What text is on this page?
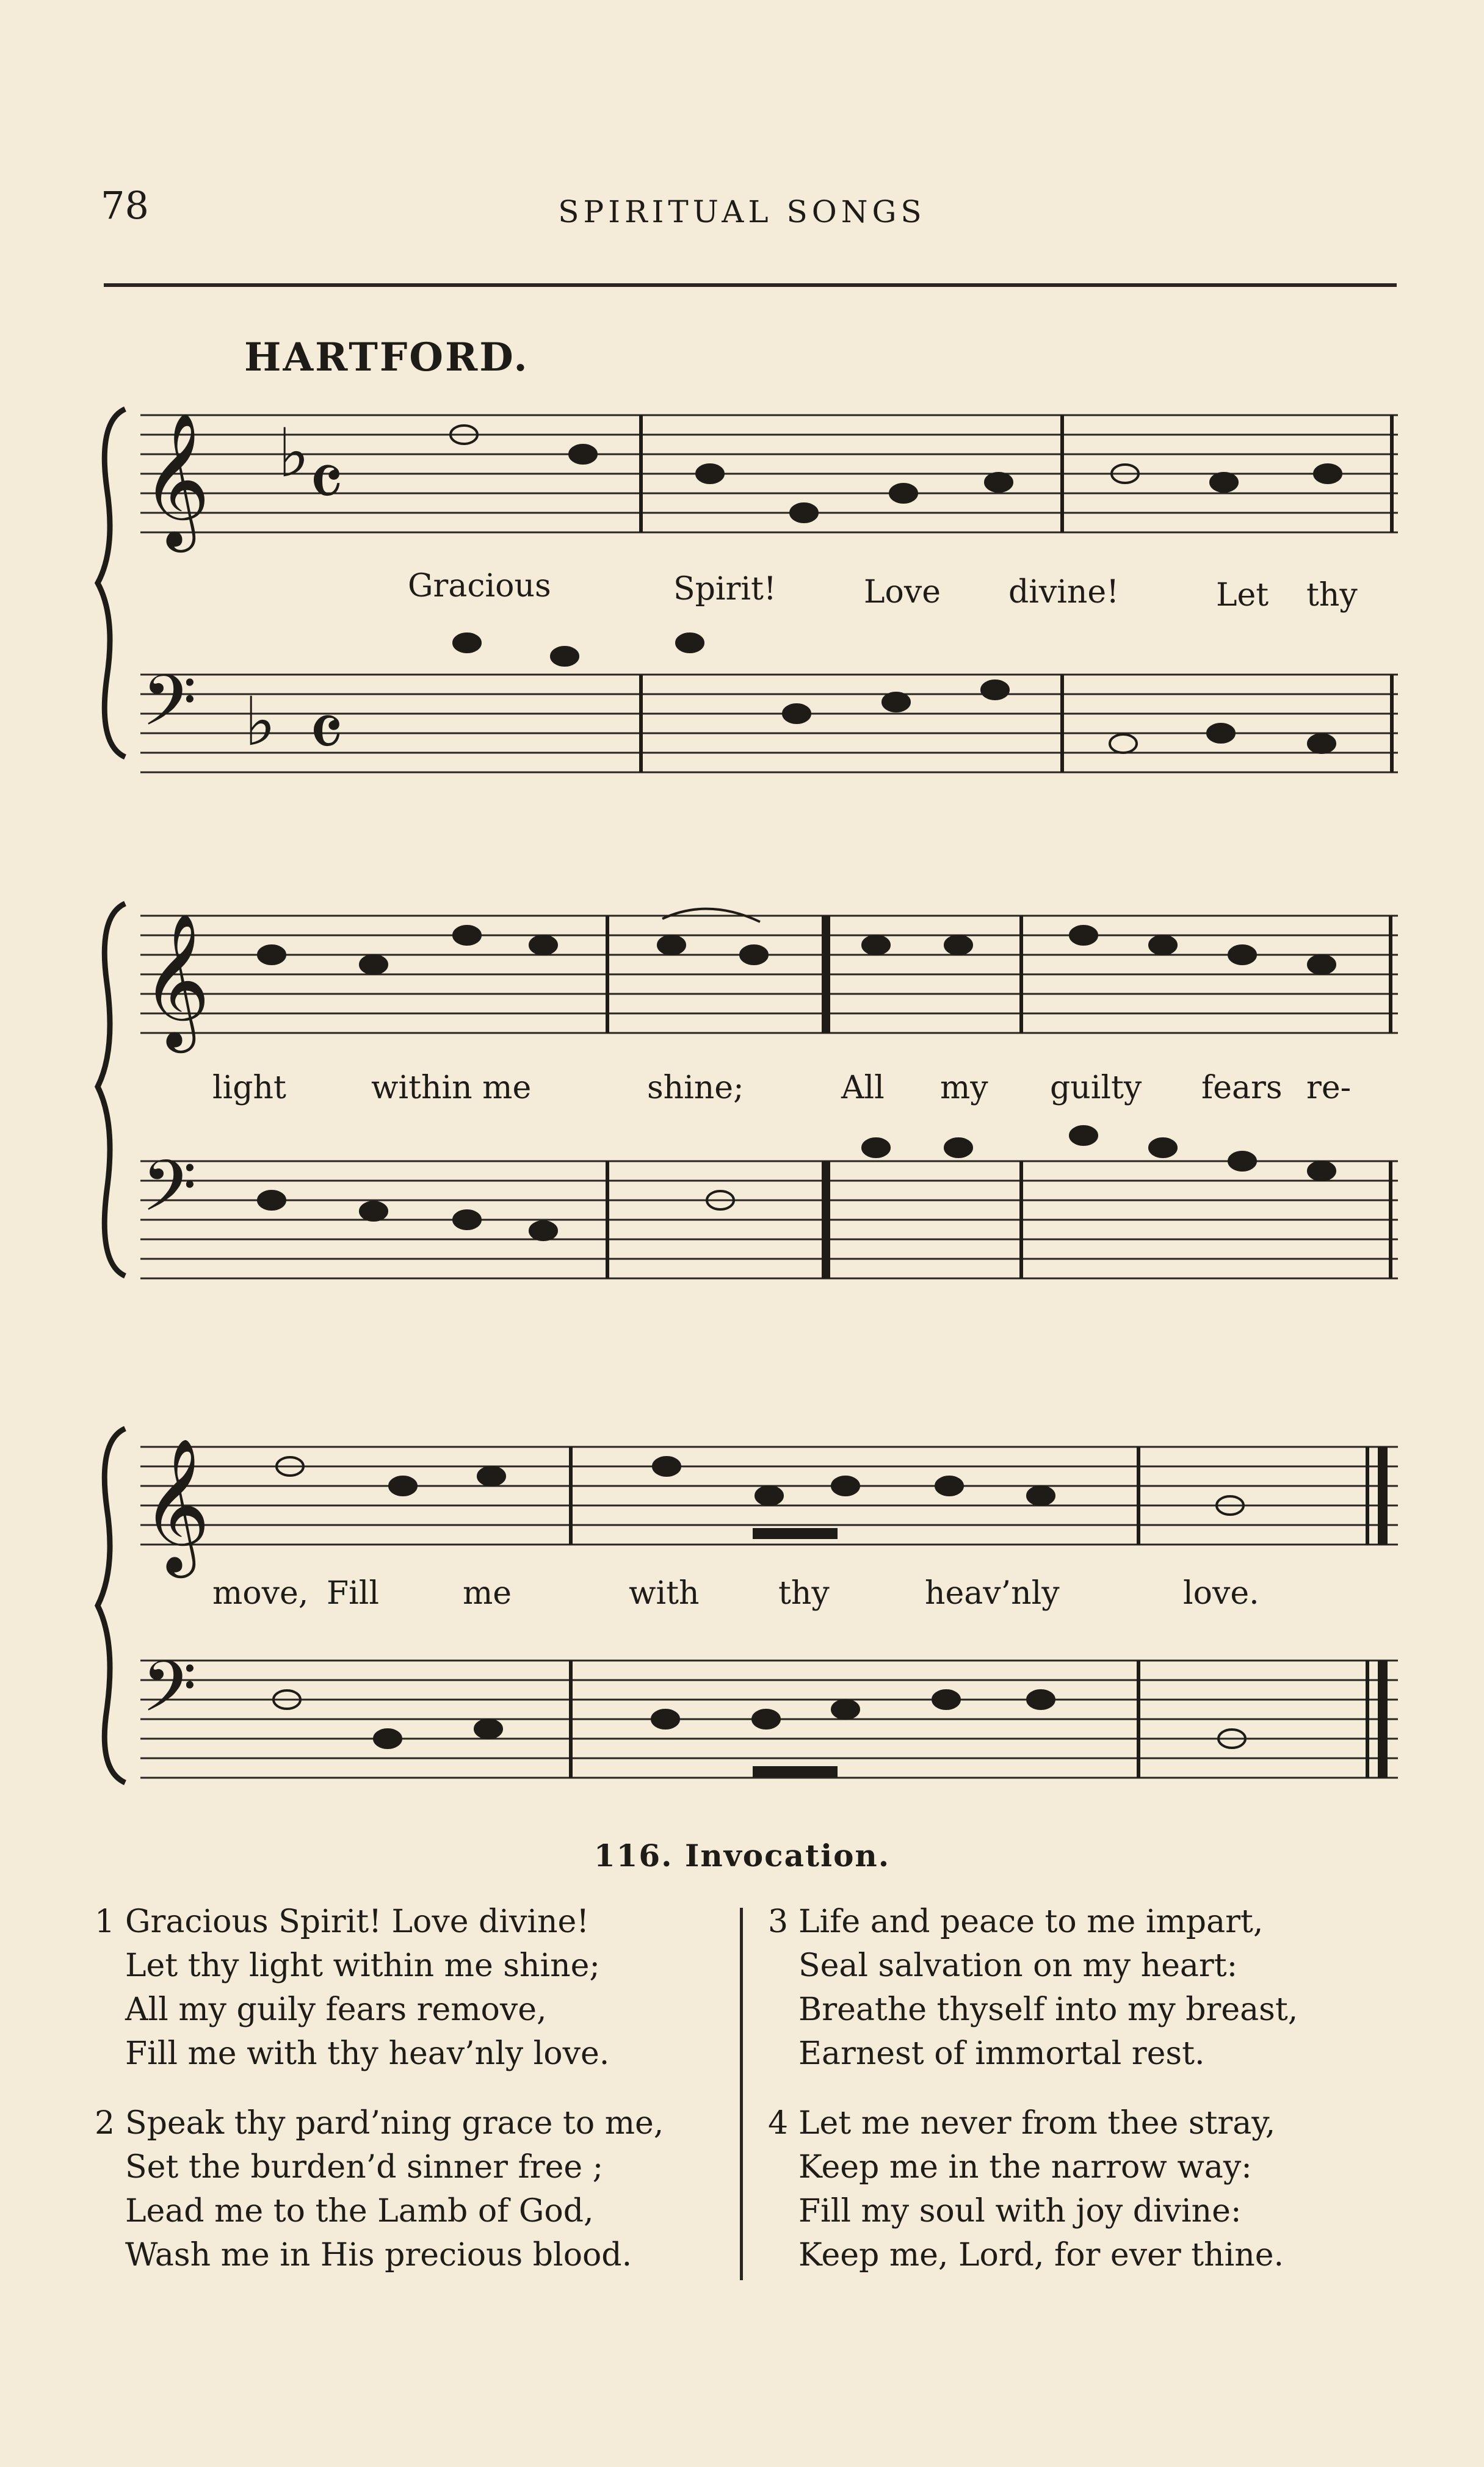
78	SPIRITUAL SONGS
HARTFORD.
𝄞 ♭
𝄴
𝄢 ♭ 𝄴
𝄞
𝄢
𝄞
𝄢
Gracious	Spirit!	Love divine!	Let thy
light	within me	shine;	All my guilty fears re-
move, Fill	me	with thy	heav’nly	love.
116. Invocation.
1 Gracious Spirit! Love divine!
Let thy light within me shine;
All my guily fears remove,
Fill me with thy heav’nly love.
2 Speak thy pard’ning grace to me,
Set the burden’d sinner free ;
Lead me to the Lamb of God,
Wash me in His precious blood.
3 Life and peace to me impart,
Seal salvation on my heart:
Breathe thyself into my breast,
Earnest of immortal rest.
4 Let me never from thee stray,
Keep me in the narrow way:
Fill my soul with joy divine:
Keep me, Lord, for ever thine.
